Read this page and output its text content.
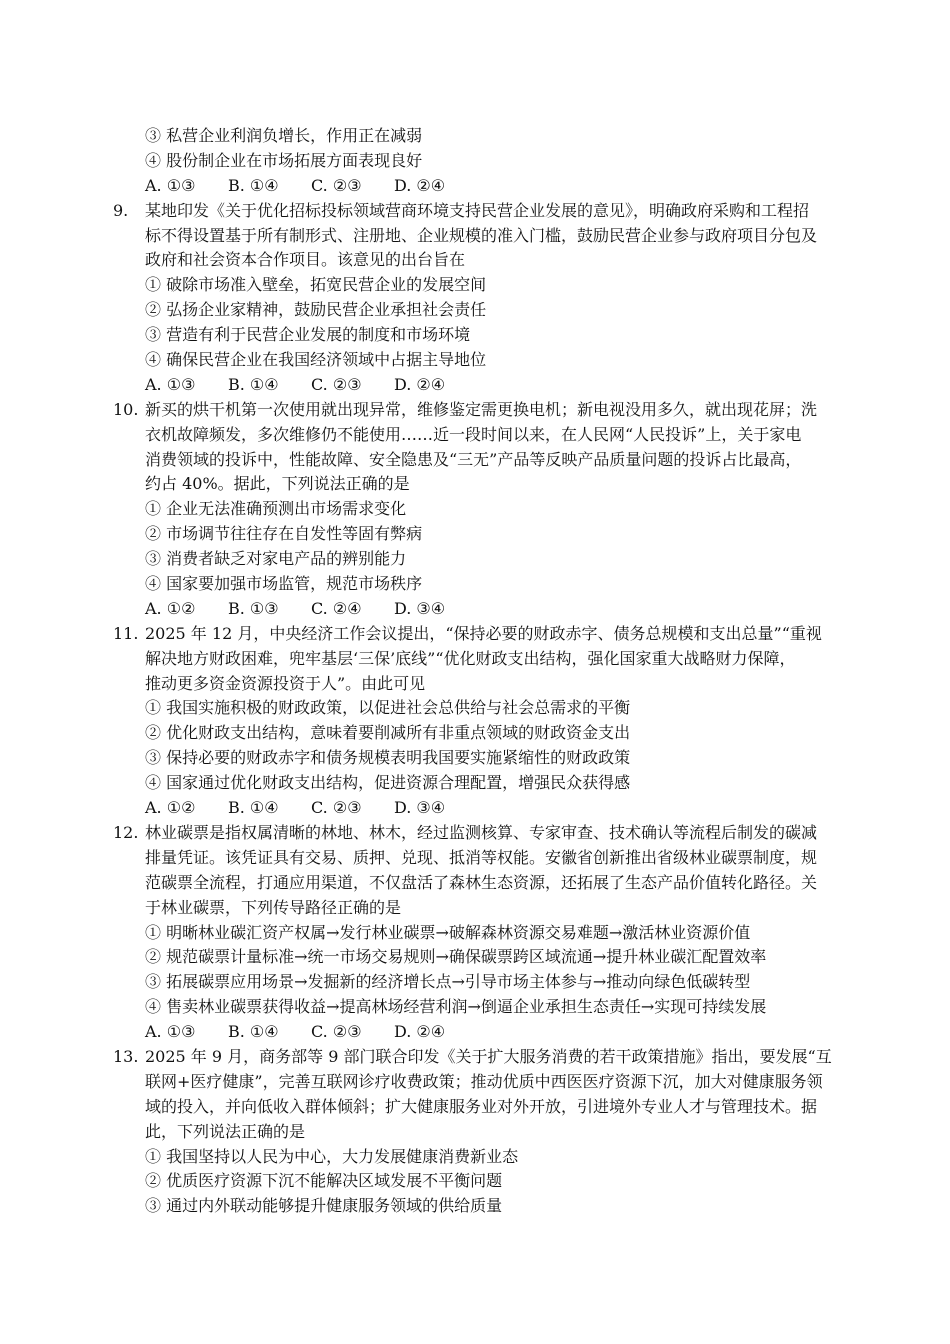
③ 私营企业利润负增长，作用正在减弱
④ 股份制企业在市场拓展方面表现良好
A. ①③ B. ①④ C. ②③ D. ②④
9. 某地印发《关于优化招标投标领域营商环境支持民营企业发展的意见》，明确政府采购和工程招
标不得设置基于所有制形式、注册地、企业规模的准入门槛，鼓励民营企业参与政府项目分包及
政府和社会资本合作项目。该意见的出台旨在
① 破除市场准入壁垒，拓宽民营企业的发展空间
② 弘扬企业家精神，鼓励民营企业承担社会责任
③ 营造有利于民营企业发展的制度和市场环境
④ 确保民营企业在我国经济领域中占据主导地位
A. ①③ B. ①④ C. ②③ D. ②④
10. 新买的烘干机第一次使用就出现异常，维修鉴定需更换电机；新电视没用多久，就出现花屏；洗
衣机故障频发，多次维修仍不能使用……近一段时间以来，在人民网“人民投诉”上，关于家电
消费领域的投诉中，性能故障、安全隐患及“三无”产品等反映产品质量问题的投诉占比最高，
约占 40%。据此，下列说法正确的是
① 企业无法准确预测出市场需求变化
② 市场调节往往存在自发性等固有弊病
③ 消费者缺乏对家电产品的辨别能力
④ 国家要加强市场监管，规范市场秩序
A. ①② B. ①③ C. ②④ D. ③④
11. 2025 年 12 月，中央经济工作会议提出，“保持必要的财政赤字、债务总规模和支出总量”“重视
解决地方财政困难，兜牢基层‘三保’底线”“优化财政支出结构，强化国家重大战略财力保障，
推动更多资金资源投资于人”。由此可见
① 我国实施积极的财政政策，以促进社会总供给与社会总需求的平衡
② 优化财政支出结构，意味着要削减所有非重点领域的财政资金支出
③ 保持必要的财政赤字和债务规模表明我国要实施紧缩性的财政政策
④ 国家通过优化财政支出结构，促进资源合理配置，增强民众获得感
A. ①② B. ①④ C. ②③ D. ③④
12. 林业碳票是指权属清晰的林地、林木，经过监测核算、专家审查、技术确认等流程后制发的碳减
排量凭证。该凭证具有交易、质押、兑现、抵消等权能。安徽省创新推出省级林业碳票制度，规
范碳票全流程，打通应用渠道，不仅盘活了森林生态资源，还拓展了生态产品价值转化路径。关
于林业碳票，下列传导路径正确的是
① 明晰林业碳汇资产权属→发行林业碳票→破解森林资源交易难题→激活林业资源价值
② 规范碳票计量标准→统一市场交易规则→确保碳票跨区域流通→提升林业碳汇配置效率
③ 拓展碳票应用场景→发掘新的经济增长点→引导市场主体参与→推动向绿色低碳转型
④ 售卖林业碳票获得收益→提高林场经营利润→倒逼企业承担生态责任→实现可持续发展
A. ①③ B. ①④ C. ②③ D. ②④
13. 2025 年 9 月，商务部等 9 部门联合印发《关于扩大服务消费的若干政策措施》指出，要发展“互
联网+医疗健康”，完善互联网诊疗收费政策；推动优质中西医医疗资源下沉，加大对健康服务领
域的投入，并向低收入群体倾斜；扩大健康服务业对外开放，引进境外专业人才与管理技术。据
此，下列说法正确的是
① 我国坚持以人民为中心，大力发展健康消费新业态
② 优质医疗资源下沉不能解决区域发展不平衡问题
③ 通过内外联动能够提升健康服务领域的供给质量
